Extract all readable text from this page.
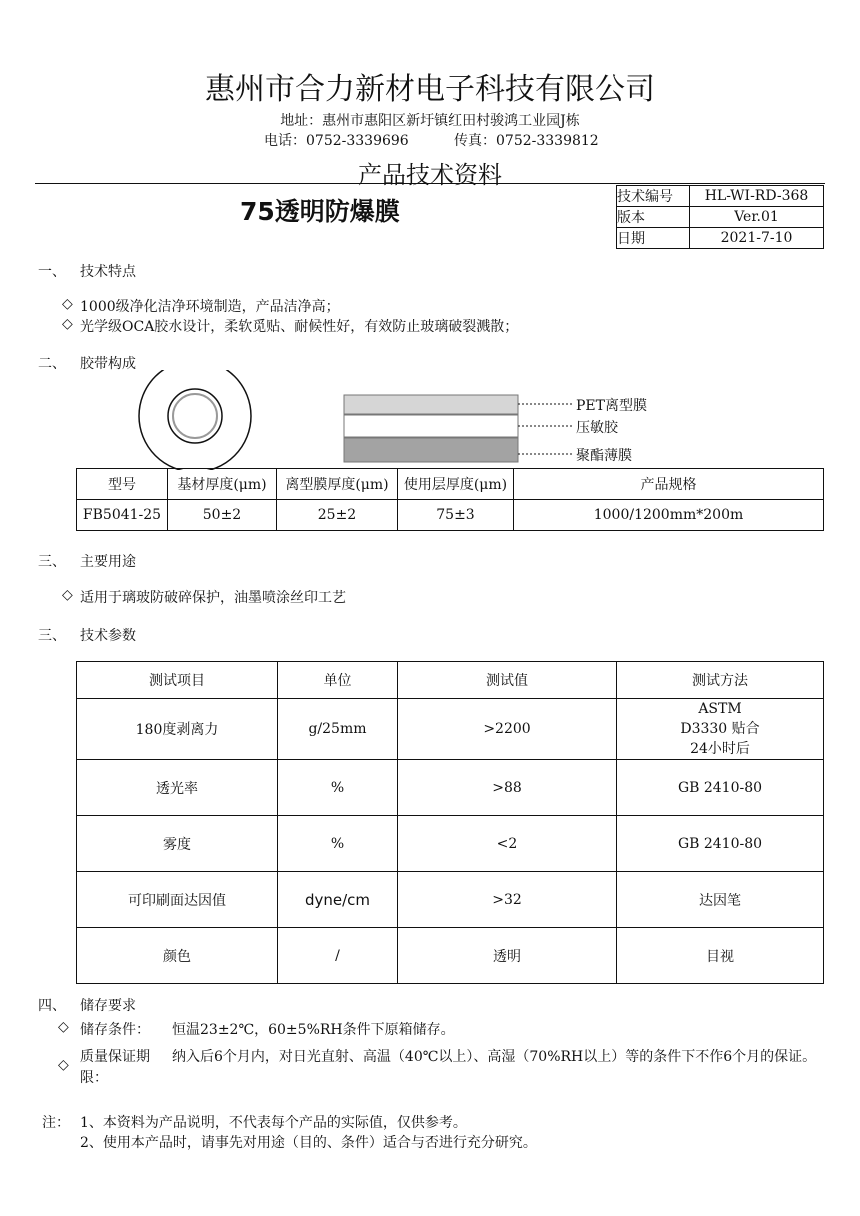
惠州市合力新材电子科技有限公司
地址：惠州市惠阳区新圩镇红田村骏鸿工业园J栋
电话：0752-3339696	传真：0752-3339812
产品技术资料
75透明防爆膜	技术编号	HL-WI-RD-368
版本	Ver.01
日期	2021-7-10
一、 技术特点
◇ 1000级净化洁净环境制造，产品洁净高；
◇ 光学级OCA胶水设计，柔软觅贴、耐候性好，有效防止玻璃破裂溅散；
二、 胶带构成
PET离型膜
压敏胶
聚酯薄膜
型号	基材厚度(μm)	离型膜厚度(μm)	使用层厚度(μm)	产品规格
FB5041-25	50±2	25±2	75±3	1000/1200mm*200m
三、 主要用途
◇ 适用于璃玻防破碎保护，油墨喷涂丝印工艺
三、 技术参数
测试项目	单位	测试值	测试方法
180度剥离力	g/25mm	>2200	ASTM D3330 贴合24小时后
透光率	%	>88	GB 2410-80
雾度	%	<2	GB 2410-80
可印刷面达因值	dyne/cm	>32	达因笔
颜色	/	透明	目视
四、 储存要求
◇ 储存条件： 恒温23±2℃，60±5%RH条件下原箱储存。
◇ 质量保证期限：
纳入后6个月内，对日光直射、高温（40℃以上）、高湿（70%RH以上）等的条件下不作6个月的保证。
注： 1、本资料为产品说明，不代表每个产品的实际值，仅供参考。
2、使用本产品时，请事先对用途（目的、条件）适合与否进行充分研究。
